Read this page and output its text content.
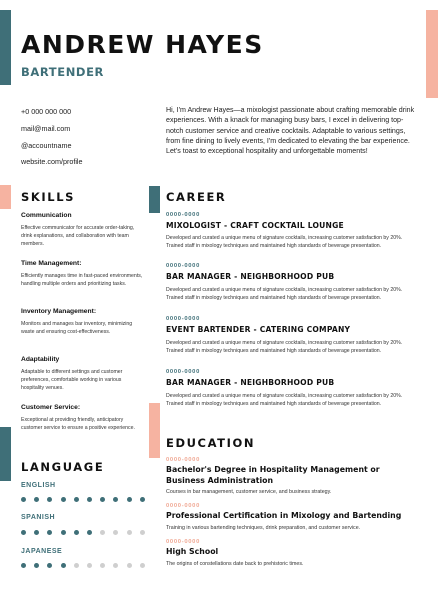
ANDREW HAYES
BARTENDER
+0 000 000 000
mail@mail.com
@accountname
website.com/profile
Hi, I'm Andrew Hayes—a mixologist passionate about crafting memorable drink experiences. With a knack for managing busy bars, I excel in delivering top-notch customer service and creative cocktails. Adaptable to various settings, from fine dining to lively events, I'm dedicated to elevating the bar experience. Let's toast to exceptional hospitality and unforgettable moments!
SKILLS
Communication
Effective communicator for accurate order-taking, drink explanations, and collaboration with team members.
Time Management:
Efficiently manages time in fast-paced environments, handling multiple orders and prioritizing tasks.
Inventory Management:
Monitors and manages bar inventory, minimizing waste and ensuring cost-effectiveness.
Adaptability
Adaptable to different settings and customer preferences, comfortable working in various hospitality venues.
Customer Service:
Exceptional at providing friendly, anticipatory customer service to ensure a positive experience.
LANGUAGE
ENGLISH
SPANISH
JAPANESE
CAREER
0000-0000
MIXOLOGIST - CRAFT COCKTAIL LOUNGE
Developed and curated a unique menu of signature cocktails, increasing customer satisfaction by 20%. Trained staff in mixology techniques and maintained high standards of beverage presentation.
0000-0000
BAR MANAGER - NEIGHBORHOOD PUB
Developed and curated a unique menu of signature cocktails, increasing customer satisfaction by 20%. Trained staff in mixology techniques and maintained high standards of beverage presentation.
0000-0000
EVENT BARTENDER - CATERING COMPANY
Developed and curated a unique menu of signature cocktails, increasing customer satisfaction by 20%. Trained staff in mixology techniques and maintained high standards of beverage presentation.
0000-0000
BAR MANAGER - NEIGHBORHOOD PUB
Developed and curated a unique menu of signature cocktails, increasing customer satisfaction by 20%. Trained staff in mixology techniques and maintained high standards of beverage presentation.
EDUCATION
0000-0000
Bachelor's Degree in Hospitality Management or Business Administration
Courses in bar management, customer service, and business strategy.
0000-0000
Professional Certification in Mixology and Bartending
Training in various bartending techniques, drink preparation, and customer service.
0000-0000
High School
The origins of constellations date back to prehistoric times.
